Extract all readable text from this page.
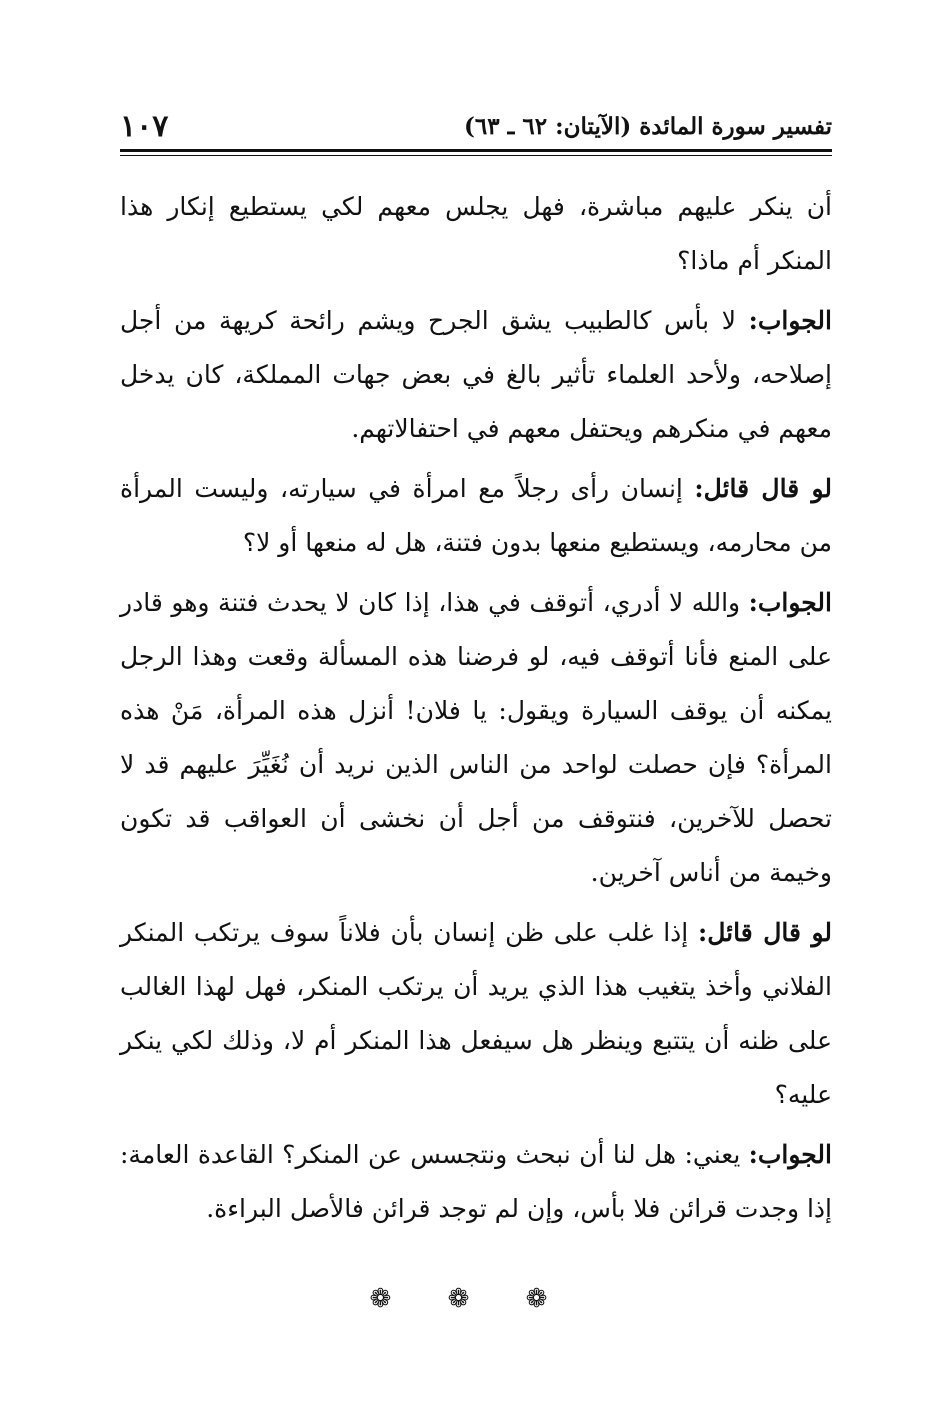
تفسير سورة المائدة (الآيتان: ٦٢ ـ ٦٣)
١٠٧

أن ينكر عليهم مباشرة، فهل يجلس معهم لكي يستطيع إنكار هذا المنكر أم ماذا؟

الجواب: لا بأس كالطبيب يشق الجرح ويشم رائحة كريهة من أجل إصلاحه، ولأحد العلماء تأثير بالغ في بعض جهات المملكة، كان يدخل معهم في منكرهم ويحتفل معهم في احتفالاتهم.

لو قال قائل: إنسان رأى رجلاً مع امرأة في سيارته، وليست المرأة من محارمه، ويستطيع منعها بدون فتنة، هل له منعها أو لا؟

الجواب: والله لا أدري، أتوقف في هذا، إذا كان لا يحدث فتنة وهو قادر على المنع فأنا أتوقف فيه، لو فرضنا هذه المسألة وقعت وهذا الرجل يمكنه أن يوقف السيارة ويقول: يا فلان! أنزل هذه المرأة، مَنْ هذه المرأة؟ فإن حصلت لواحد من الناس الذين نريد أن نُغَيِّرَ عليهم قد لا تحصل للآخرين، فنتوقف من أجل أن نخشى أن العواقب قد تكون وخيمة من أناس آخرين.

لو قال قائل: إذا غلب على ظن إنسان بأن فلاناً سوف يرتكب المنكر الفلاني وأخذ يتغيب هذا الذي يريد أن يرتكب المنكر، فهل لهذا الغالب على ظنه أن يتتبع وينظر هل سيفعل هذا المنكر أم لا، وذلك لكي ينكر عليه؟

الجواب: يعني: هل لنا أن نبحث ونتجسس عن المنكر؟ القاعدة العامة: إذا وجدت قرائن فلا بأس، وإن لم توجد قرائن فالأصل البراءة.

❁ ❁ ❁
